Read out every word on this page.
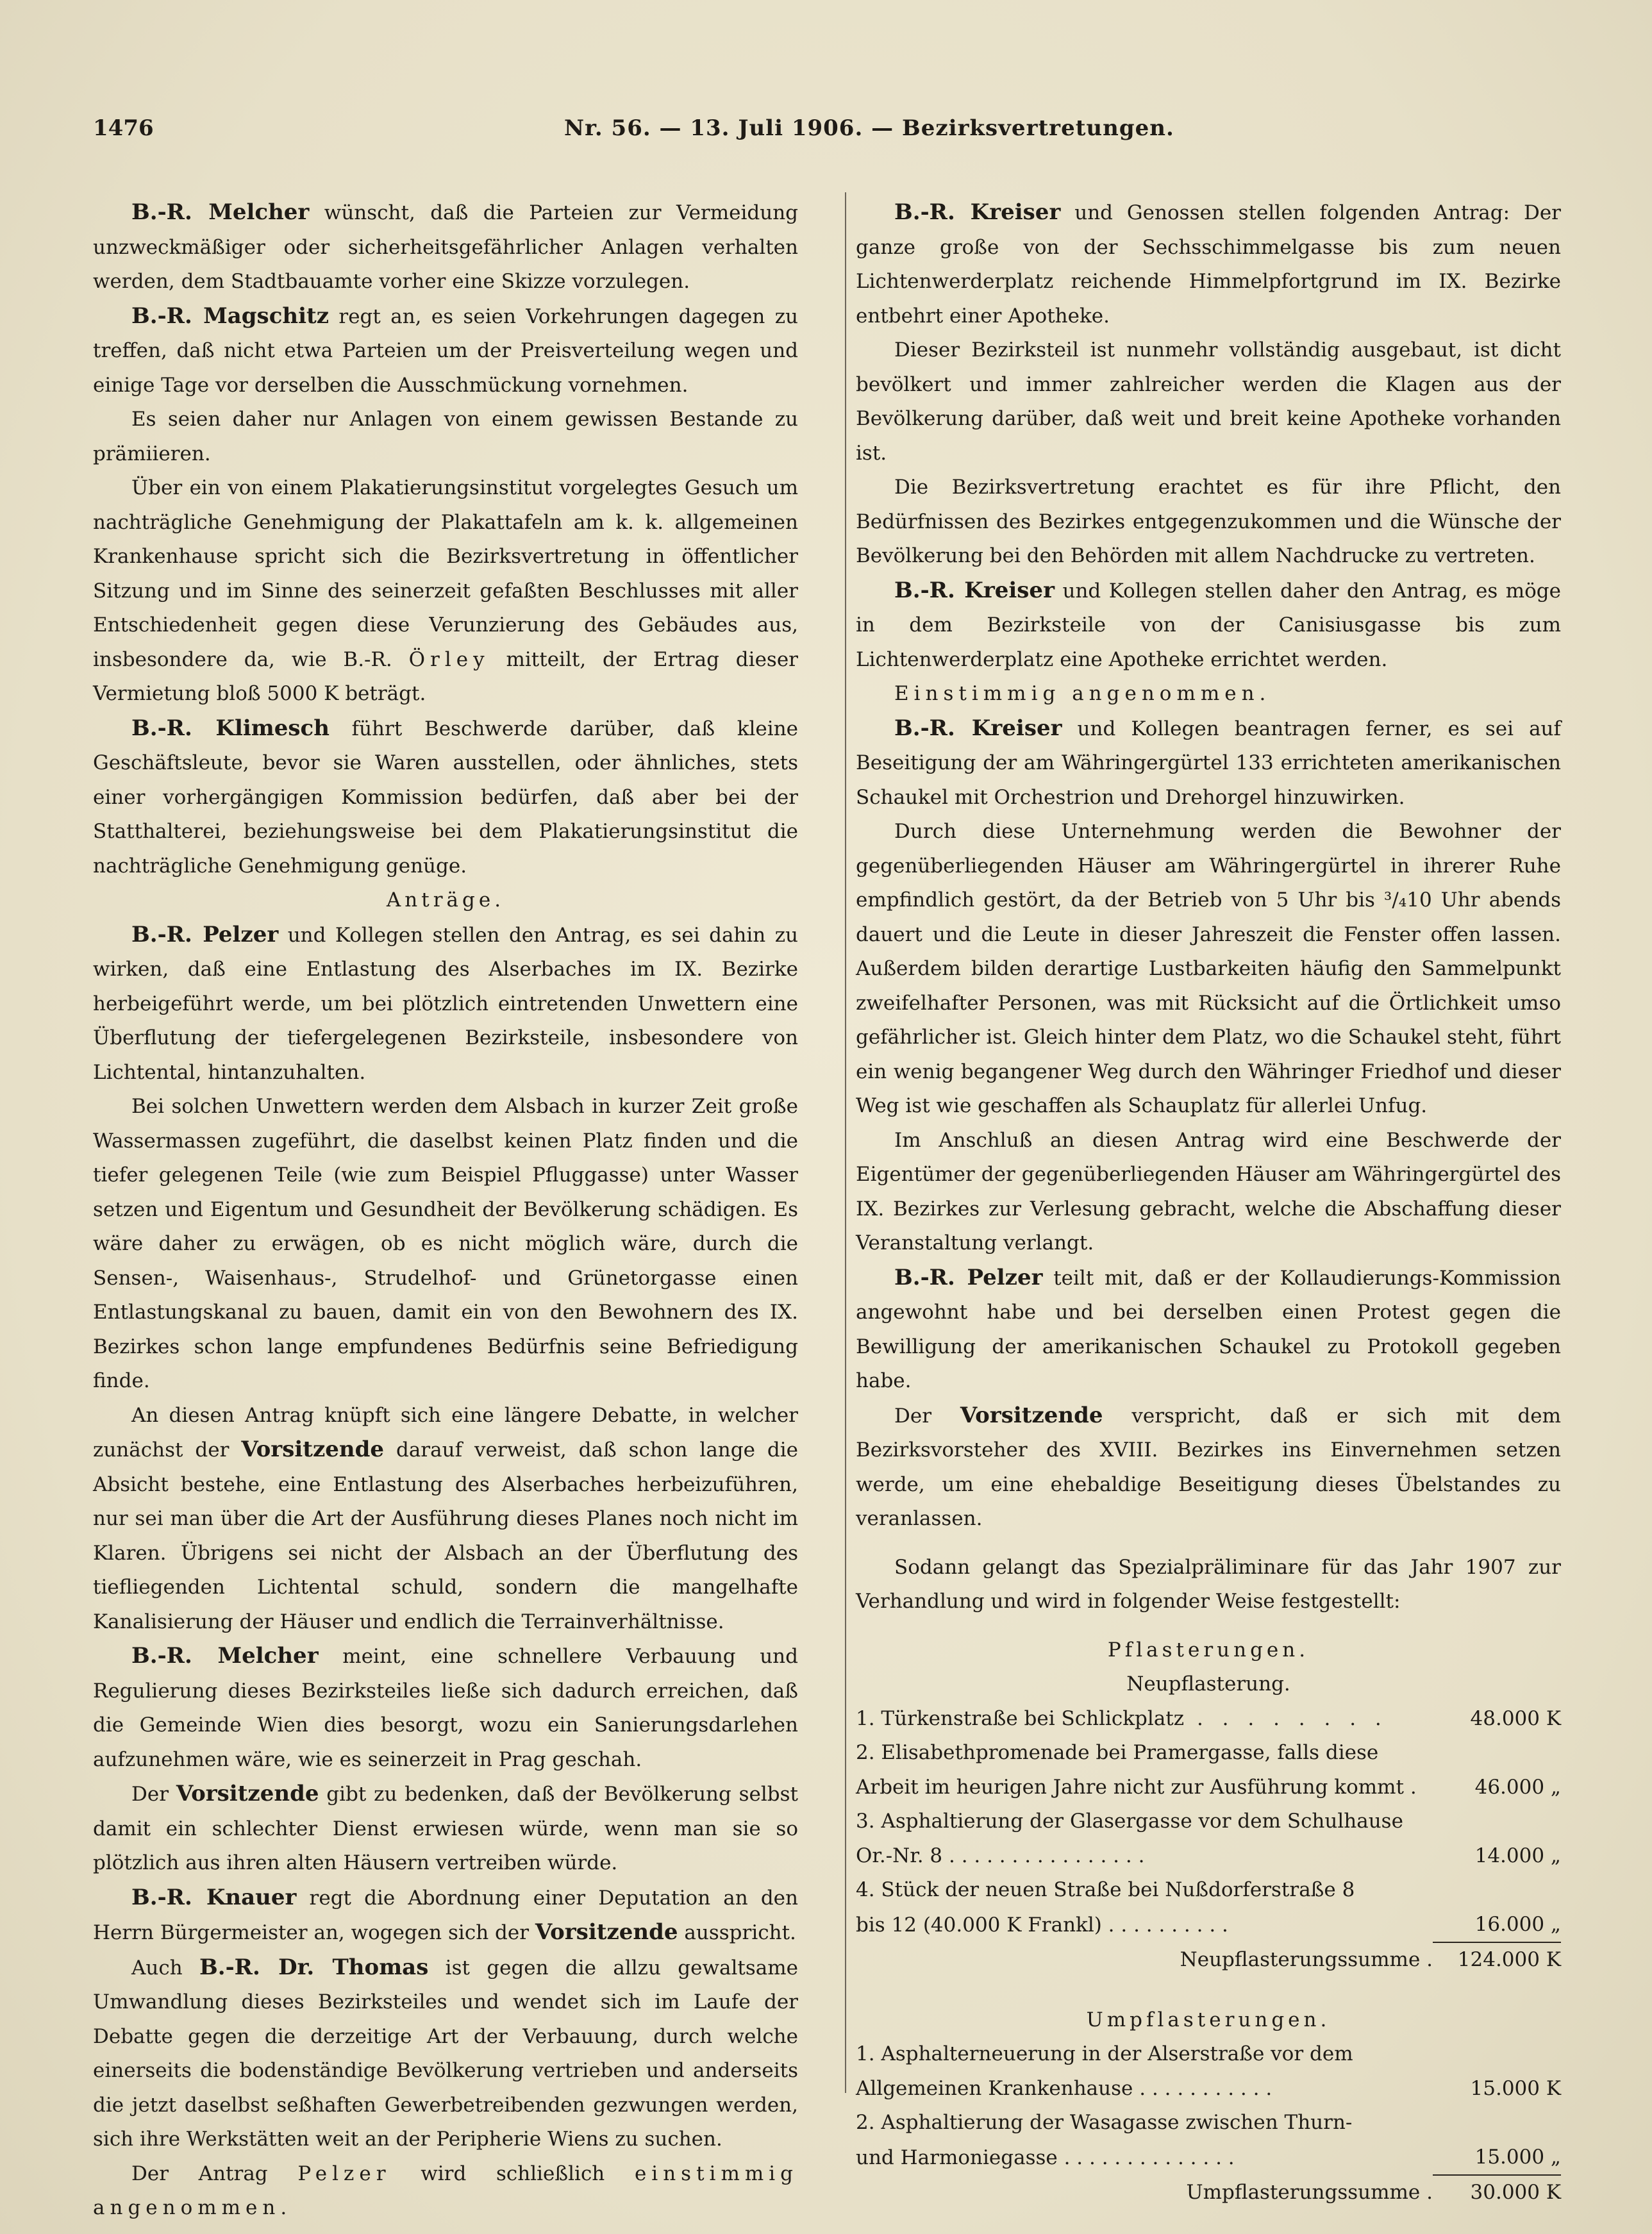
1476	Nr. 56. — 13. Juli 1906. — Bezirksvertretungen.

B.-R. Melcher wünscht, daß die Parteien zur Vermeidung unzweckmäßiger oder sicherheitsgefährlicher Anlagen verhalten werden, dem Stadtbauamte vorher eine Skizze vorzulegen.

B.-R. Magschitz regt an, es seien Vorkehrungen dagegen zu treffen, daß nicht etwa Parteien um der Preisverteilung wegen und einige Tage vor derselben die Ausschmückung vornehmen.

Es seien daher nur Anlagen von einem gewissen Bestande zu prämiieren.

Über ein von einem Plakatierungsinstitut vorgelegtes Gesuch um nachträgliche Genehmigung der Plakattafeln am k. k. allgemeinen Krankenhause spricht sich die Bezirksvertretung in öffentlicher Sitzung und im Sinne des seinerzeit gefaßten Beschlusses mit aller Entschiedenheit gegen diese Verunzierung des Gebäudes aus, insbesondere da, wie B.-R. Örley mitteilt, der Ertrag dieser Vermietung bloß 5000 K beträgt.

B.-R. Klimesch führt Beschwerde darüber, daß kleine Geschäftsleute, bevor sie Waren ausstellen, oder ähnliches, stets einer vorhergängigen Kommission bedürfen, daß aber bei der Statthalterei, beziehungsweise bei dem Plakatierungsinstitut die nachträgliche Genehmigung genüge.

Anträge.

B.-R. Pelzer und Kollegen stellen den Antrag, es sei dahin zu wirken, daß eine Entlastung des Alserbaches im IX. Bezirke herbeigeführt werde, um bei plötzlich eintretenden Unwettern eine Überflutung der tiefergelegenen Bezirksteile, insbesondere von Lichtental, hintanzuhalten.

Bei solchen Unwettern werden dem Alsbach in kurzer Zeit große Wassermassen zugeführt, die daselbst keinen Platz finden und die tiefer gelegenen Teile (wie zum Beispiel Pfluggasse) unter Wasser setzen und Eigentum und Gesundheit der Bevölkerung schädigen. Es wäre daher zu erwägen, ob es nicht möglich wäre, durch die Sensen-, Waisenhaus-, Strudelhof- und Grünetorgasse einen Entlastungskanal zu bauen, damit ein von den Bewohnern des IX. Bezirkes schon lange empfundenes Bedürfnis seine Befriedigung finde.

An diesen Antrag knüpft sich eine längere Debatte, in welcher zunächst der Vorsitzende darauf verweist, daß schon lange die Absicht bestehe, eine Entlastung des Alserbaches herbeizuführen, nur sei man über die Art der Ausführung dieses Planes noch nicht im Klaren. Übrigens sei nicht der Alsbach an der Überflutung des tiefliegenden Lichtental schuld, sondern die mangelhafte Kanalisierung der Häuser und endlich die Terrainverhältnisse.

B.-R. Melcher meint, eine schnellere Verbauung und Regulierung dieses Bezirksteiles ließe sich dadurch erreichen, daß die Gemeinde Wien dies besorgt, wozu ein Sanierungsdarlehen aufzunehmen wäre, wie es seinerzeit in Prag geschah.

Der Vorsitzende gibt zu bedenken, daß der Bevölkerung selbst damit ein schlechter Dienst erwiesen würde, wenn man sie so plötzlich aus ihren alten Häusern vertreiben würde.

B.-R. Knauer regt die Abordnung einer Deputation an den Herrn Bürgermeister an, wogegen sich der Vorsitzende ausspricht.

Auch B.-R. Dr. Thomas ist gegen die allzu gewaltsame Umwandlung dieses Bezirksteiles und wendet sich im Laufe der Debatte gegen die derzeitige Art der Verbauung, durch welche einerseits die bodenständige Bevölkerung vertrieben und anderseits die jetzt daselbst seßhaften Gewerbetreibenden gezwungen werden, sich ihre Werkstätten weit an der Peripherie Wiens zu suchen.

Der Antrag Pelzer wird schließlich einstimmig angenommen.

B.-R. Kreiser und Genossen stellen folgenden Antrag: Der ganze große von der Sechsschimmelgasse bis zum neuen Lichtenwerderplatz reichende Himmelpfortgrund im IX. Bezirke entbehrt einer Apotheke.

Dieser Bezirksteil ist nunmehr vollständig ausgebaut, ist dicht bevölkert und immer zahlreicher werden die Klagen aus der Bevölkerung darüber, daß weit und breit keine Apotheke vorhanden ist.

Die Bezirksvertretung erachtet es für ihre Pflicht, den Bedürfnissen des Bezirkes entgegenzukommen und die Wünsche der Bevölkerung bei den Behörden mit allem Nachdrucke zu vertreten.

B.-R. Kreiser und Kollegen stellen daher den Antrag, es möge in dem Bezirksteile von der Canisiusgasse bis zum Lichtenwerderplatz eine Apotheke errichtet werden.

Einstimmig angenommen.

B.-R. Kreiser und Kollegen beantragen ferner, es sei auf Beseitigung der am Währingergürtel 133 errichteten amerikanischen Schaukel mit Orchestrion und Drehorgel hinzuwirken.

Durch diese Unternehmung werden die Bewohner der gegenüberliegenden Häuser am Währingergürtel in ihrerer Ruhe empfindlich gestört, da der Betrieb von 5 Uhr bis ³/₄10 Uhr abends dauert und die Leute in dieser Jahreszeit die Fenster offen lassen. Außerdem bilden derartige Lustbarkeiten häufig den Sammelpunkt zweifelhafter Personen, was mit Rücksicht auf die Örtlichkeit umso gefährlicher ist. Gleich hinter dem Platz, wo die Schaukel steht, führt ein wenig begangener Weg durch den Währinger Friedhof und dieser Weg ist wie geschaffen als Schauplatz für allerlei Unfug.

Im Anschluß an diesen Antrag wird eine Beschwerde der Eigentümer der gegenüberliegenden Häuser am Währingergürtel des IX. Bezirkes zur Verlesung gebracht, welche die Abschaffung dieser Veranstaltung verlangt.

B.-R. Pelzer teilt mit, daß er der Kollaudierungs-Kommission angewohnt habe und bei derselben einen Protest gegen die Bewilligung der amerikanischen Schaukel zu Protokoll gegeben habe.

Der Vorsitzende verspricht, daß er sich mit dem Bezirksvorsteher des XVIII. Bezirkes ins Einvernehmen setzen werde, um eine ehebaldige Beseitigung dieses Übelstandes zu veranlassen.

Sodann gelangt das Spezialpräliminare für das Jahr 1907 zur Verhandlung und wird in folgender Weise festgestellt:

Pflasterungen.

Neupflasterung.

1. Türkenstraße bei Schlickplatz . . . . . . . .	48.000 K
2. Elisabethpromenade bei Pramergasse, falls diese	
Arbeit im heurigen Jahre nicht zur Ausführung kommt .	46.000 „
3. Asphaltierung der Glasergasse vor dem Schulhause	
Or.-Nr. 8 . . . . . . . . . . . . . . . .	14.000 „
4. Stück der neuen Straße bei Nußdorferstraße 8	
bis 12 (40.000 K Frankl) . . . . . . . . . .	16.000 „
Neupflasterungssumme .	124.000 K

Umpflasterungen.

1. Asphalterneuerung in der Alserstraße vor dem	
Allgemeinen Krankenhause . . . . . . . . . . .	15.000 K
2. Asphaltierung der Wasagasse zwischen Thurn-	
und Harmoniegasse . . . . . . . . . . . . . .	15.000 „
Umpflasterungssumme .	30.000 K
